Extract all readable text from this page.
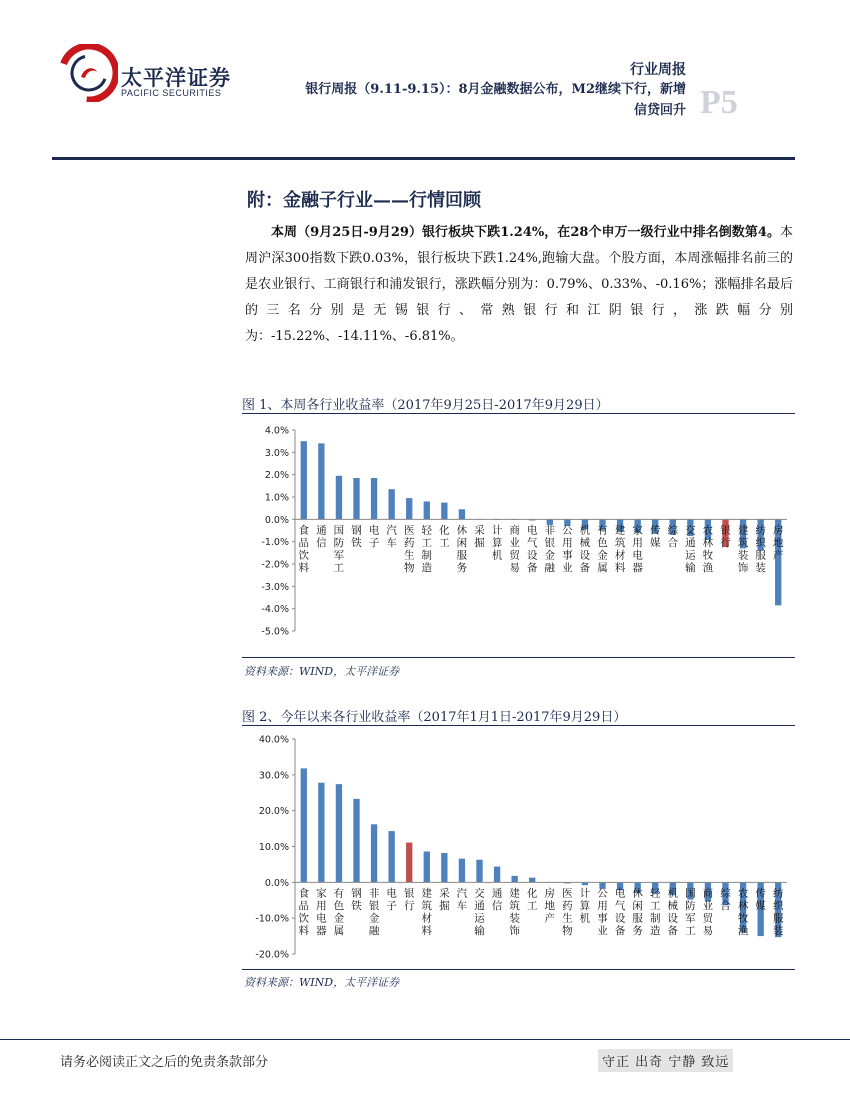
太平洋证券
PACIFIC SECURITIES
行业周报
银行周报（9.11-9.15）：8月金融数据公布，M2继续下行，新增
信贷回升 P5
附：金融子行业——行情回顾

本周（9月25日-9月29）银行板块下跌1.24%，在28个申万一级行业中排名倒数第4。本周沪深300指数下跌0.03%，银行板块下跌1.24%,跑输大盘。个股方面，本周涨幅排名前三的是农业银行、工商银行和浦发银行，涨跌幅分别为：0.79%、0.33%、-0.16%；涨幅排名最后的三名分别是无锡银行、常熟银行和江阴银行，涨跌幅分别为：-15.22%、-14.11%、-6.81%。

图 1、本周各行业收益率（2017年9月25日-2017年9月29日）
4.0%
3.0%
2.0%
1.0%
0.0%
-1.0%
-2.0%
-3.0%
-4.0%
-5.0%
食品饮料
通信
国防军工
钢铁
电子
汽车
医药生物
轻工制造
化工
休闲服务
采掘
计算机
商业贸易
电气设备
非银金融
公用事业
机械设备
有色金属
建筑材料
家用电器
传媒
综合
交通运输
农林牧渔
银行
建筑装饰
纺织服装
房地产
资料来源：WIND，太平洋证券
图 2、今年以来各行业收益率（2017年1月1日-2017年9月29日）
40.0%
30.0%
20.0%
10.0%
0.0%
-10.0%
-20.0%
食品饮料
家用电器
有色金属
钢铁
非银金融
电子
银行
建筑材料
采掘
汽车
交通运输
通信
建筑装饰
化工
房地产
医药生物
计算机
公用事业
电气设备
休闲服务
轻工制造
机械设备
国防军工
商业贸易
综合
农林牧渔
传媒
纺织服装
资料来源：WIND，太平洋证券
请务必阅读正文之后的免责条款部分	守正 出奇 宁静 致远
